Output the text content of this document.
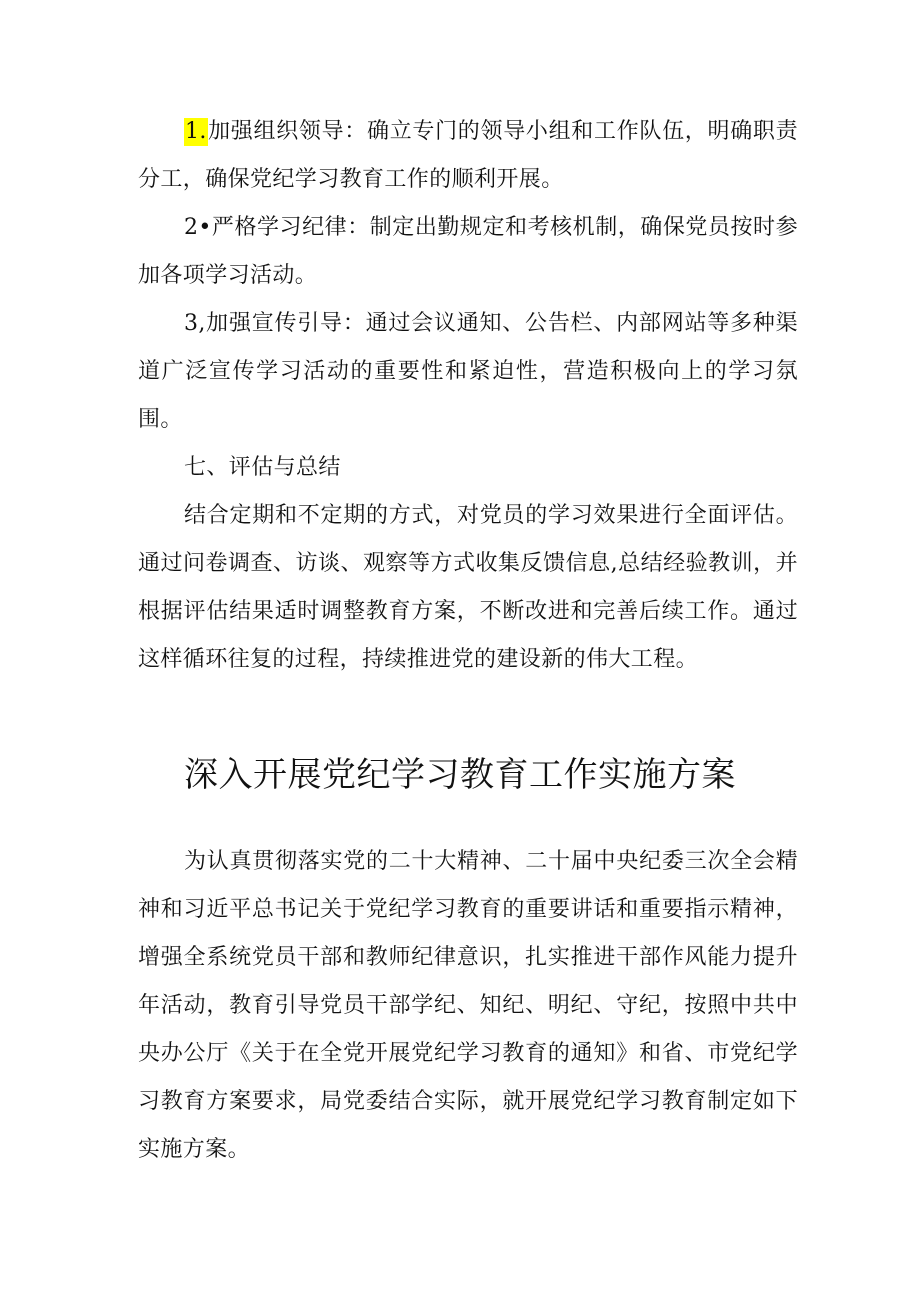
1.加强组织领导：确立专门的领导小组和工作队伍，明确职责分工，确保党纪学习教育工作的顺利开展。

2•严格学习纪律：制定出勤规定和考核机制，确保党员按时参加各项学习活动。

3,加强宣传引导：通过会议通知、公告栏、内部网站等多种渠道广泛宣传学习活动的重要性和紧迫性，营造积极向上的学习氛围。

七、评估与总结

结合定期和不定期的方式，对党员的学习效果进行全面评估。通过问卷调查、访谈、观察等方式收集反馈信息,总结经验教训，并根据评估结果适时调整教育方案，不断改进和完善后续工作。通过这样循环往复的过程，持续推进党的建设新的伟大工程。

深入开展党纪学习教育工作实施方案

为认真贯彻落实党的二十大精神、二十届中央纪委三次全会精神和习近平总书记关于党纪学习教育的重要讲话和重要指示精神，增强全系统党员干部和教师纪律意识，扎实推进干部作风能力提升年活动，教育引导党员干部学纪、知纪、明纪、守纪，按照中共中央办公厅《关于在全党开展党纪学习教育的通知》和省、市党纪学习教育方案要求，局党委结合实际，就开展党纪学习教育制定如下实施方案。
